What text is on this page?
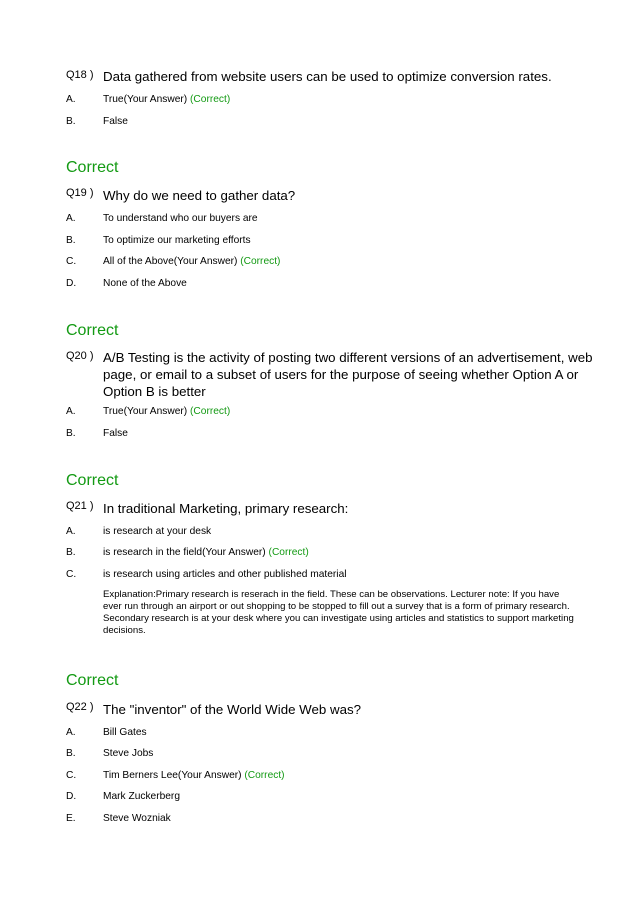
Q18 ) Data gathered from website users can be used to optimize conversion rates.
A.	True(Your Answer) (Correct)
B.	False
Correct
Q19 ) Why do we need to gather data?
A.	To understand who our buyers are
B.	To optimize our marketing efforts
C.	All of the Above(Your Answer) (Correct)
D.	None of the Above
Correct
Q20 ) A/B Testing is the activity of posting two different versions of an advertisement, web page, or email to a subset of users for the purpose of seeing whether Option A or Option B is better
A.	True(Your Answer) (Correct)
B.	False
Correct
Q21 ) In traditional Marketing, primary research:
A.	is research at your desk
B.	is research in the field(Your Answer) (Correct)
C.	is research using articles and other published material
Explanation:Primary research is reserach in the field. These can be observations. Lecturer note: If you have ever run through an airport or out shopping to be stopped to fill out a survey that is a form of primary research. Secondary research is at your desk where you can investigate using articles and statistics to support marketing decisions.
Correct
Q22 ) The "inventor" of the World Wide Web was?
A.	Bill Gates
B.	Steve Jobs
C.	Tim Berners Lee(Your Answer) (Correct)
D.	Mark Zuckerberg
E.	Steve Wozniak
